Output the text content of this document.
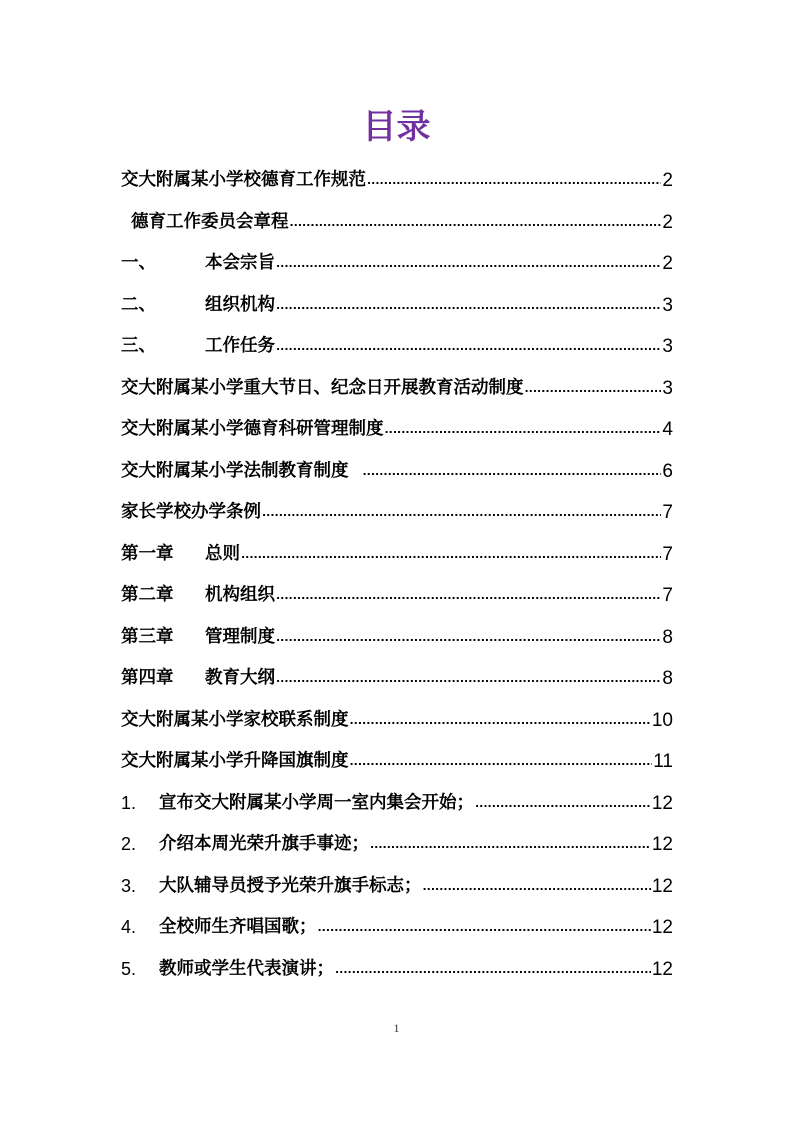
目录
交大附属某小学校德育工作规范 .....	2
德育工作委员会章程 .....	2
一、	本会宗旨 .....	2
二、	组织机构 .....	3
三、	工作任务 .....	3
交大附属某小学重大节日、纪念日开展教育活动制度 .....	3
交大附属某小学德育科研管理制度 .....	4
交大附属某小学法制教育制度 .....	6
家长学校办学条例 .....	7
第一章	总则 .....	7
第二章	机构组织 .....	7
第三章	管理制度 .....	8
第四章	教育大纲 .....	8
交大附属某小学家校联系制度 .....	10
交大附属某小学升降国旗制度 .....	11
1.	宣布交大附属某小学周一室内集会开始； .....	12
2.	介绍本周光荣升旗手事迹； .....	12
3.	大队辅导员授予光荣升旗手标志； .....	12
4.	全校师生齐唱国歌； .....	12
5.	教师或学生代表演讲； .....	12
1
